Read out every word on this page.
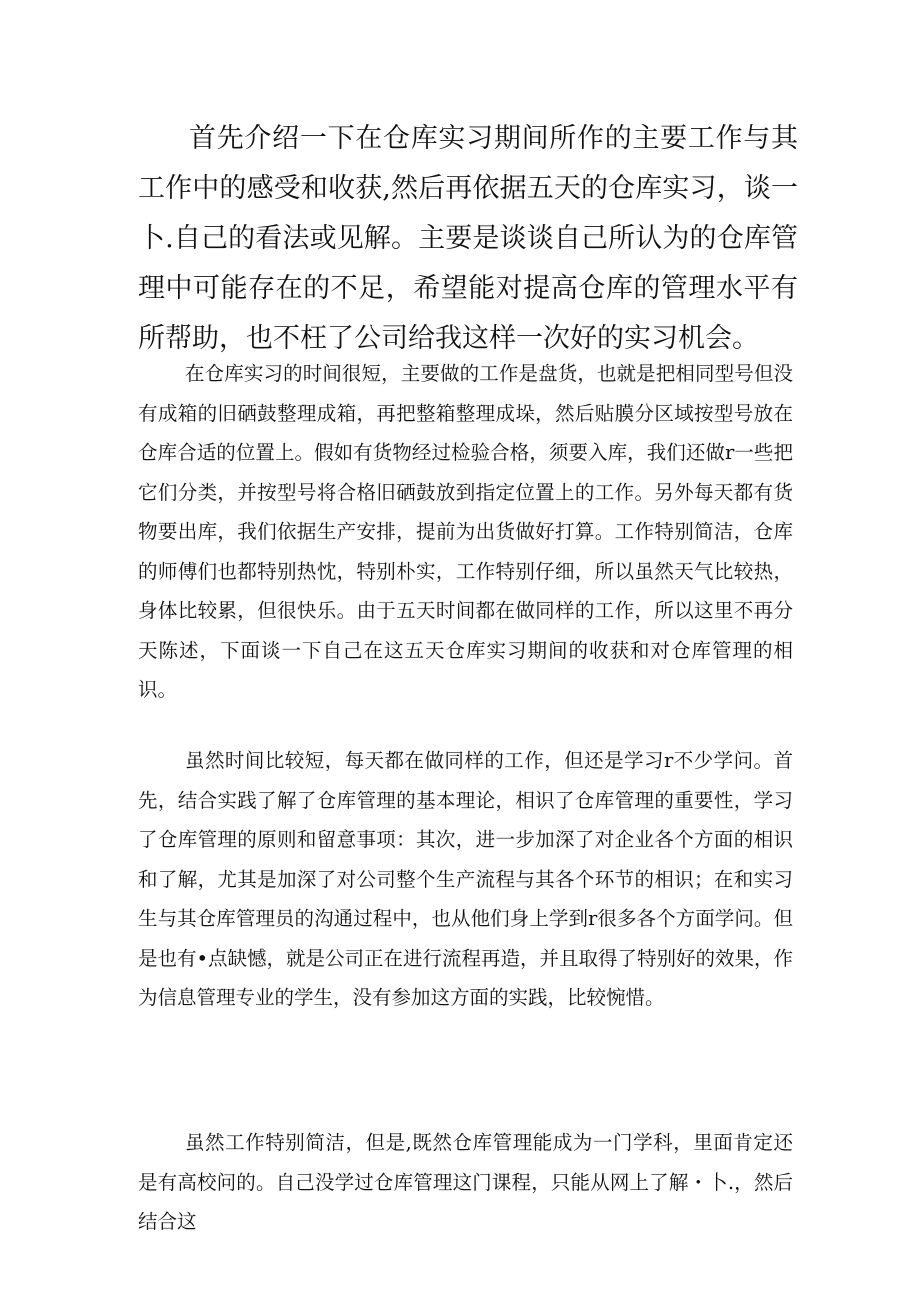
首先介绍一下在仓库实习期间所作的主要工作与其工作中的感受和收获,然后再依据五天的仓库实习，谈一卜.自己的看法或见解。主要是谈谈自己所认为的仓库管理中可能存在的不足，希望能对提高仓库的管理水平有所帮助，也不枉了公司给我这样一次好的实习机会。

在仓库实习的时间很短，主要做的工作是盘货，也就是把相同型号但没有成箱的旧硒鼓整理成箱，再把整箱整理成垛，然后贴膜分区域按型号放在仓库合适的位置上。假如有货物经过检验合格，须要入库，我们还做r一些把它们分类，并按型号将合格旧硒鼓放到指定位置上的工作。另外每天都有货物要出库，我们依据生产安排，提前为出货做好打算。工作特别简洁，仓库的师傅们也都特别热忱，特别朴实，工作特别仔细，所以虽然天气比较热，身体比较累，但很快乐。由于五天时间都在做同样的工作，所以这里不再分天陈述，下面谈一下自己在这五天仓库实习期间的收获和对仓库管理的相识。

虽然时间比较短，每天都在做同样的工作，但还是学习r不少学问。首先，结合实践了解了仓库管理的基本理论，相识了仓库管理的重要性，学习了仓库管理的原则和留意事项：其次，进一步加深了对企业各个方面的相识和了解，尤其是加深了对公司整个生产流程与其各个环节的相识；在和实习生与其仓库管理员的沟通过程中，也从他们身上学到r很多各个方面学问。但是也有•点缺憾，就是公司正在进行流程再造，并且取得了特别好的效果，作为信息管理专业的学生，没有参加这方面的实践，比较惋惜。

虽然工作特别简洁，但是,既然仓库管理能成为一门学科，里面肯定还是有高校问的。自己没学过仓库管理这门课程，只能从网上了解・卜.，然后结合这
